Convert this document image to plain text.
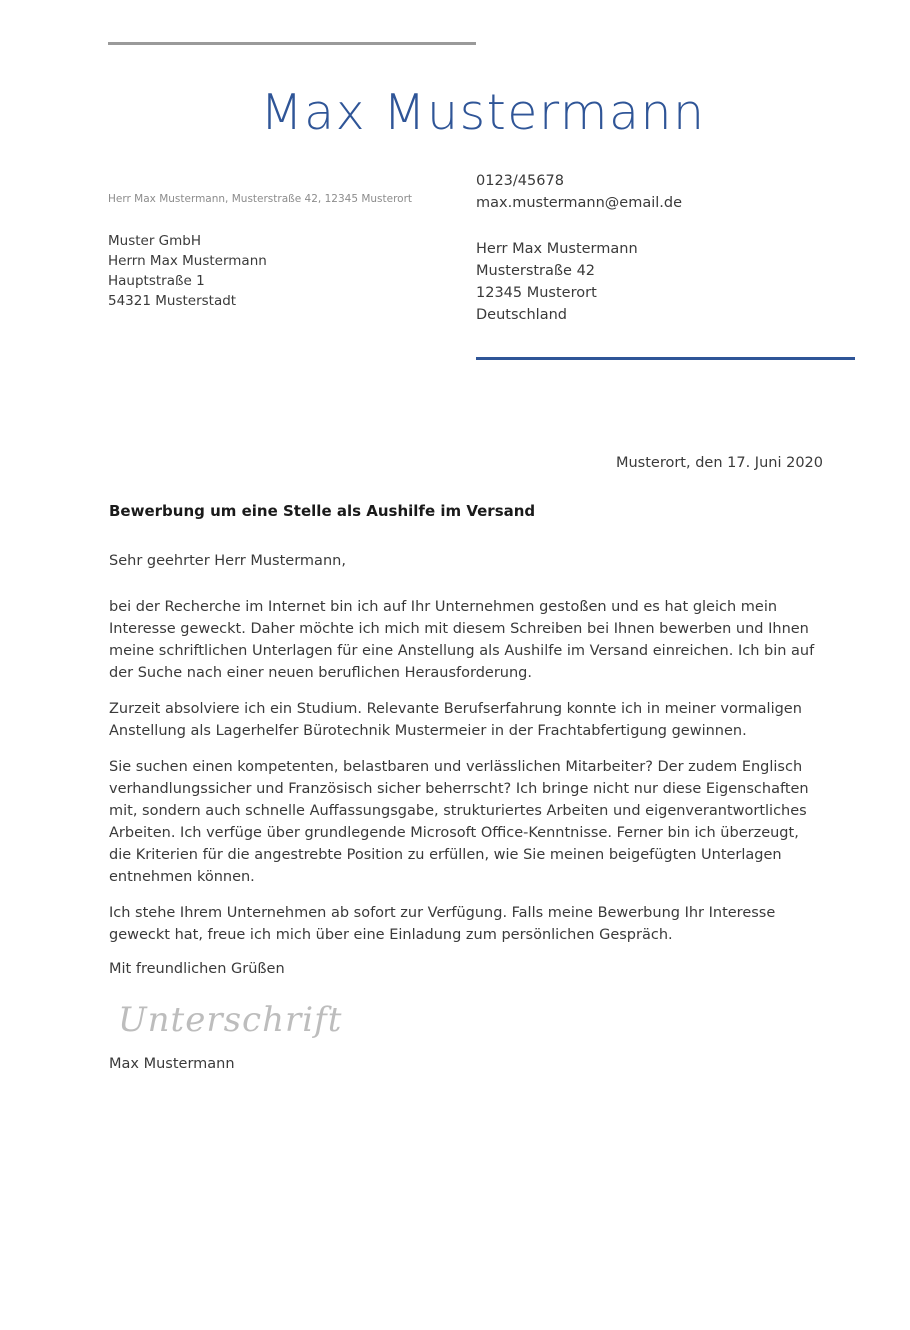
Max Mustermann
Herr Max Mustermann, Musterstraße 42, 12345 Musterort
Muster GmbH
Herrn Max Mustermann
Hauptstraße 1
54321 Musterstadt
0123/45678
max.mustermann@email.de
Herr Max Mustermann
Musterstraße 42
12345 Musterort
Deutschland
Musterort, den 17. Juni 2020
Bewerbung um eine Stelle als Aushilfe im Versand
Sehr geehrter Herr Mustermann,
bei der Recherche im Internet bin ich auf Ihr Unternehmen gestoßen und es hat gleich mein Interesse geweckt. Daher möchte ich mich mit diesem Schreiben bei Ihnen bewerben und Ihnen meine schriftlichen Unterlagen für eine Anstellung als Aushilfe im Versand einreichen. Ich bin auf der Suche nach einer neuen beruflichen Herausforderung.
Zurzeit absolviere ich ein Studium. Relevante Berufserfahrung konnte ich in meiner vormaligen Anstellung als Lagerhelfer Bürotechnik Mustermeier in der Frachtabfertigung gewinnen.
Sie suchen einen kompetenten, belastbaren und verlässlichen Mitarbeiter? Der zudem Englisch verhandlungssicher und Französisch sicher beherrscht? Ich bringe nicht nur diese Eigenschaften mit, sondern auch schnelle Auffassungsgabe, strukturiertes Arbeiten und eigenverantwortliches Arbeiten. Ich verfüge über grundlegende Microsoft Office-Kenntnisse. Ferner bin ich überzeugt, die Kriterien für die angestrebte Position zu erfüllen, wie Sie meinen beigefügten Unterlagen entnehmen können.
Ich stehe Ihrem Unternehmen ab sofort zur Verfügung. Falls meine Bewerbung Ihr Interesse geweckt hat, freue ich mich über eine Einladung zum persönlichen Gespräch.
Mit freundlichen Grüßen
Unterschrift
Max Mustermann
